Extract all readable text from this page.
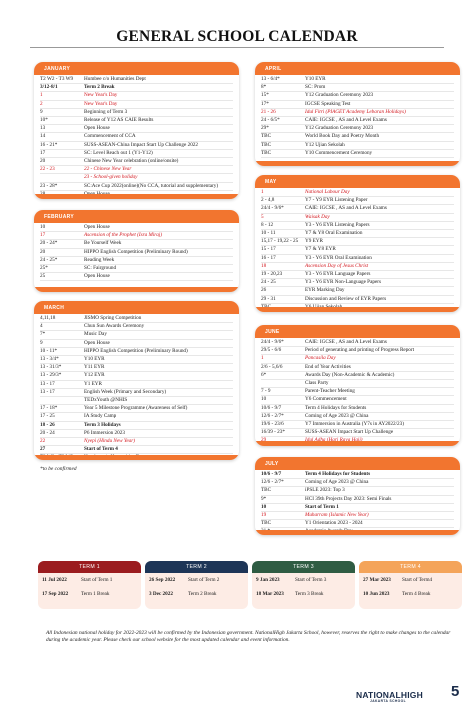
GENERAL SCHOOL CALENDAR
JANUARY
T2 W2 - T3 W9	Humbee c/o Humanities Dept
3/12-8/1	Term 2 Break
1	New Year's Day
2	New Year's Day
9	Beginning of Term 3
10*	Release of Y12 AS CAIE Results
13	Open House
14	Commencement of CCA
16 - 21*	SUSS-ASEAN-China Impact Start Up Challenge 2022
17	SC: Level Reach out 1 (Y1-Y12)
20	Chinese New Year celebration (online/onsite)
22 - 23	22 - Chinese New Year
23 - School-given holiday
23 - 28*	SC:Ace Cup 2022(online)(No CCA, tutorial and supplementary)
FEBRUARY
10	Open House
17	Ascension of the Prophet (Isra Miraj)
20 - 24*	Be Yourself Week
20	HIPPO English Competition (Preliminary Round)
24 - 25*	Reading Week
25*	SC: Fairground
25	Open House
MARCH
4,11,18	JISMO Spring Competition
4	Chun Sun Awards Ceremony
7*	Music Day
9	Open House
10 - 11*	HIPPO English Competition (Preliminary Round)
13 - 3/4*	Y10 EYR
13 - 31/3*	Y11 EYR
13 - 29/3*	Y12 EYR
13 - 17	Y1 EYR
13 - 17	English Week (Primary and Secondary)
TEDxYouth @NHIS
17 - 18*	Year 5 Milestone Programme (Awareness of Self)
17 - 25	IA Study Camp
18 - 26	Term 3 Holidays
20 - 24	P6 Immersion 2023
22	Nyepi (Hindu New Year)
27	Start of Term 4
APRIL
13 - 6/4*	Y10 EYR
8*	SC: Prom
15*	Y12 Graduation Ceremony 2023
17*	IGCSE Speaking Test
21 - 26	Idul Fitri (PIAGET Academy Lebaran Holidays)
24 - 6/5*	CAIE: IGCSE , AS and A Level Exams
29*	Y12 Graduation Ceremony 2023
TBC	World Book Day and Poetry Month
TBC	Y12 Ujian Sekolah
TBC	Y10 Commencement Ceremony
MAY
1	National Labour Day
2 - 4,8	Y7 - Y9 EYR Listening Paper
24/4 - 9/6*	CAIE: IGCSE , AS and A Level Exams
5	Waisak Day
8 - 12	Y3 - Y6 EYR Listening Papers
10 - 11	Y7 & Y8 Oral Examination
15,17 - 19,22 - 25	Y9 EYR
15 - 17	Y7 & Y8 EYR
16 - 17	Y3 - Y6 EYR Oral Examination
18	Ascension Day of Jesus Christ
19 - 20,23	Y3 - Y6 EYR Language Papers
24 - 25	Y3 - Y6 EYR Non-Language Papers
26	EYR Marking Day
29 - 31	Discussion and Review of EYR Papers
JUNE
24/4 - 9/6*	CAIE: IGCSE , AS and A Level Exams
29/5 - 6/6	Period of generating and printing of Progress Report
1	Pancasila Day
2/6 - 5,6/6	End of Year Activities
6*	Awards Day (Non-Academic & Academic)
Class Party
7 - 9	Parent-Teacher Meeting
10	Y6 Commencement
10/6 - 9/7	Term 4 Holidays for Students
12/6 - 2/7*	Coming of Age 2023 @ China
19/6 - 23/6	Y7 Immersion in Australia (Y7s in AY2022/23)
16/39 - 23*	SUSS-ASEAN Impact Start Up Challenge
JULY
10/6 - 9/7	Term 4 Holidays for Students
12/6 - 2/7*	Coming of Age 2023 @ China
TBC	iPSLE 2023: Top 3
9*	HCI 39th Projects Day 2023: Semi Finals
10	Start of Term 1
19	Muharram (Islamic New Year)
TBC	Y1 Orientation 2023 - 2024
*to be confirmed
TERM 1
11 Jul 2022	Start of Term 1
17 Sep 2022	Term 1 Break
TERM 2
26 Sep 2022	Start of Term 2
3 Dec 2022	Term 2 Break
TERM 3
9 Jan 2023	Start of Term 3
18 Mar 2023	Term 3 Break
TERM 4
27 Mar 2023	Start of Term4
10 Jun 2023	Term 4 Break
All Indonesian national holiday for 2022-2023 will be confirmed by the Indonesian government. NationalHigh Jakarta School, however, reserves the right to make changes to the calendar during the academic year. Please check our school website for the most updated calendar and event information.
NATIONALHIGH
JAKARTA SCHOOL
5
